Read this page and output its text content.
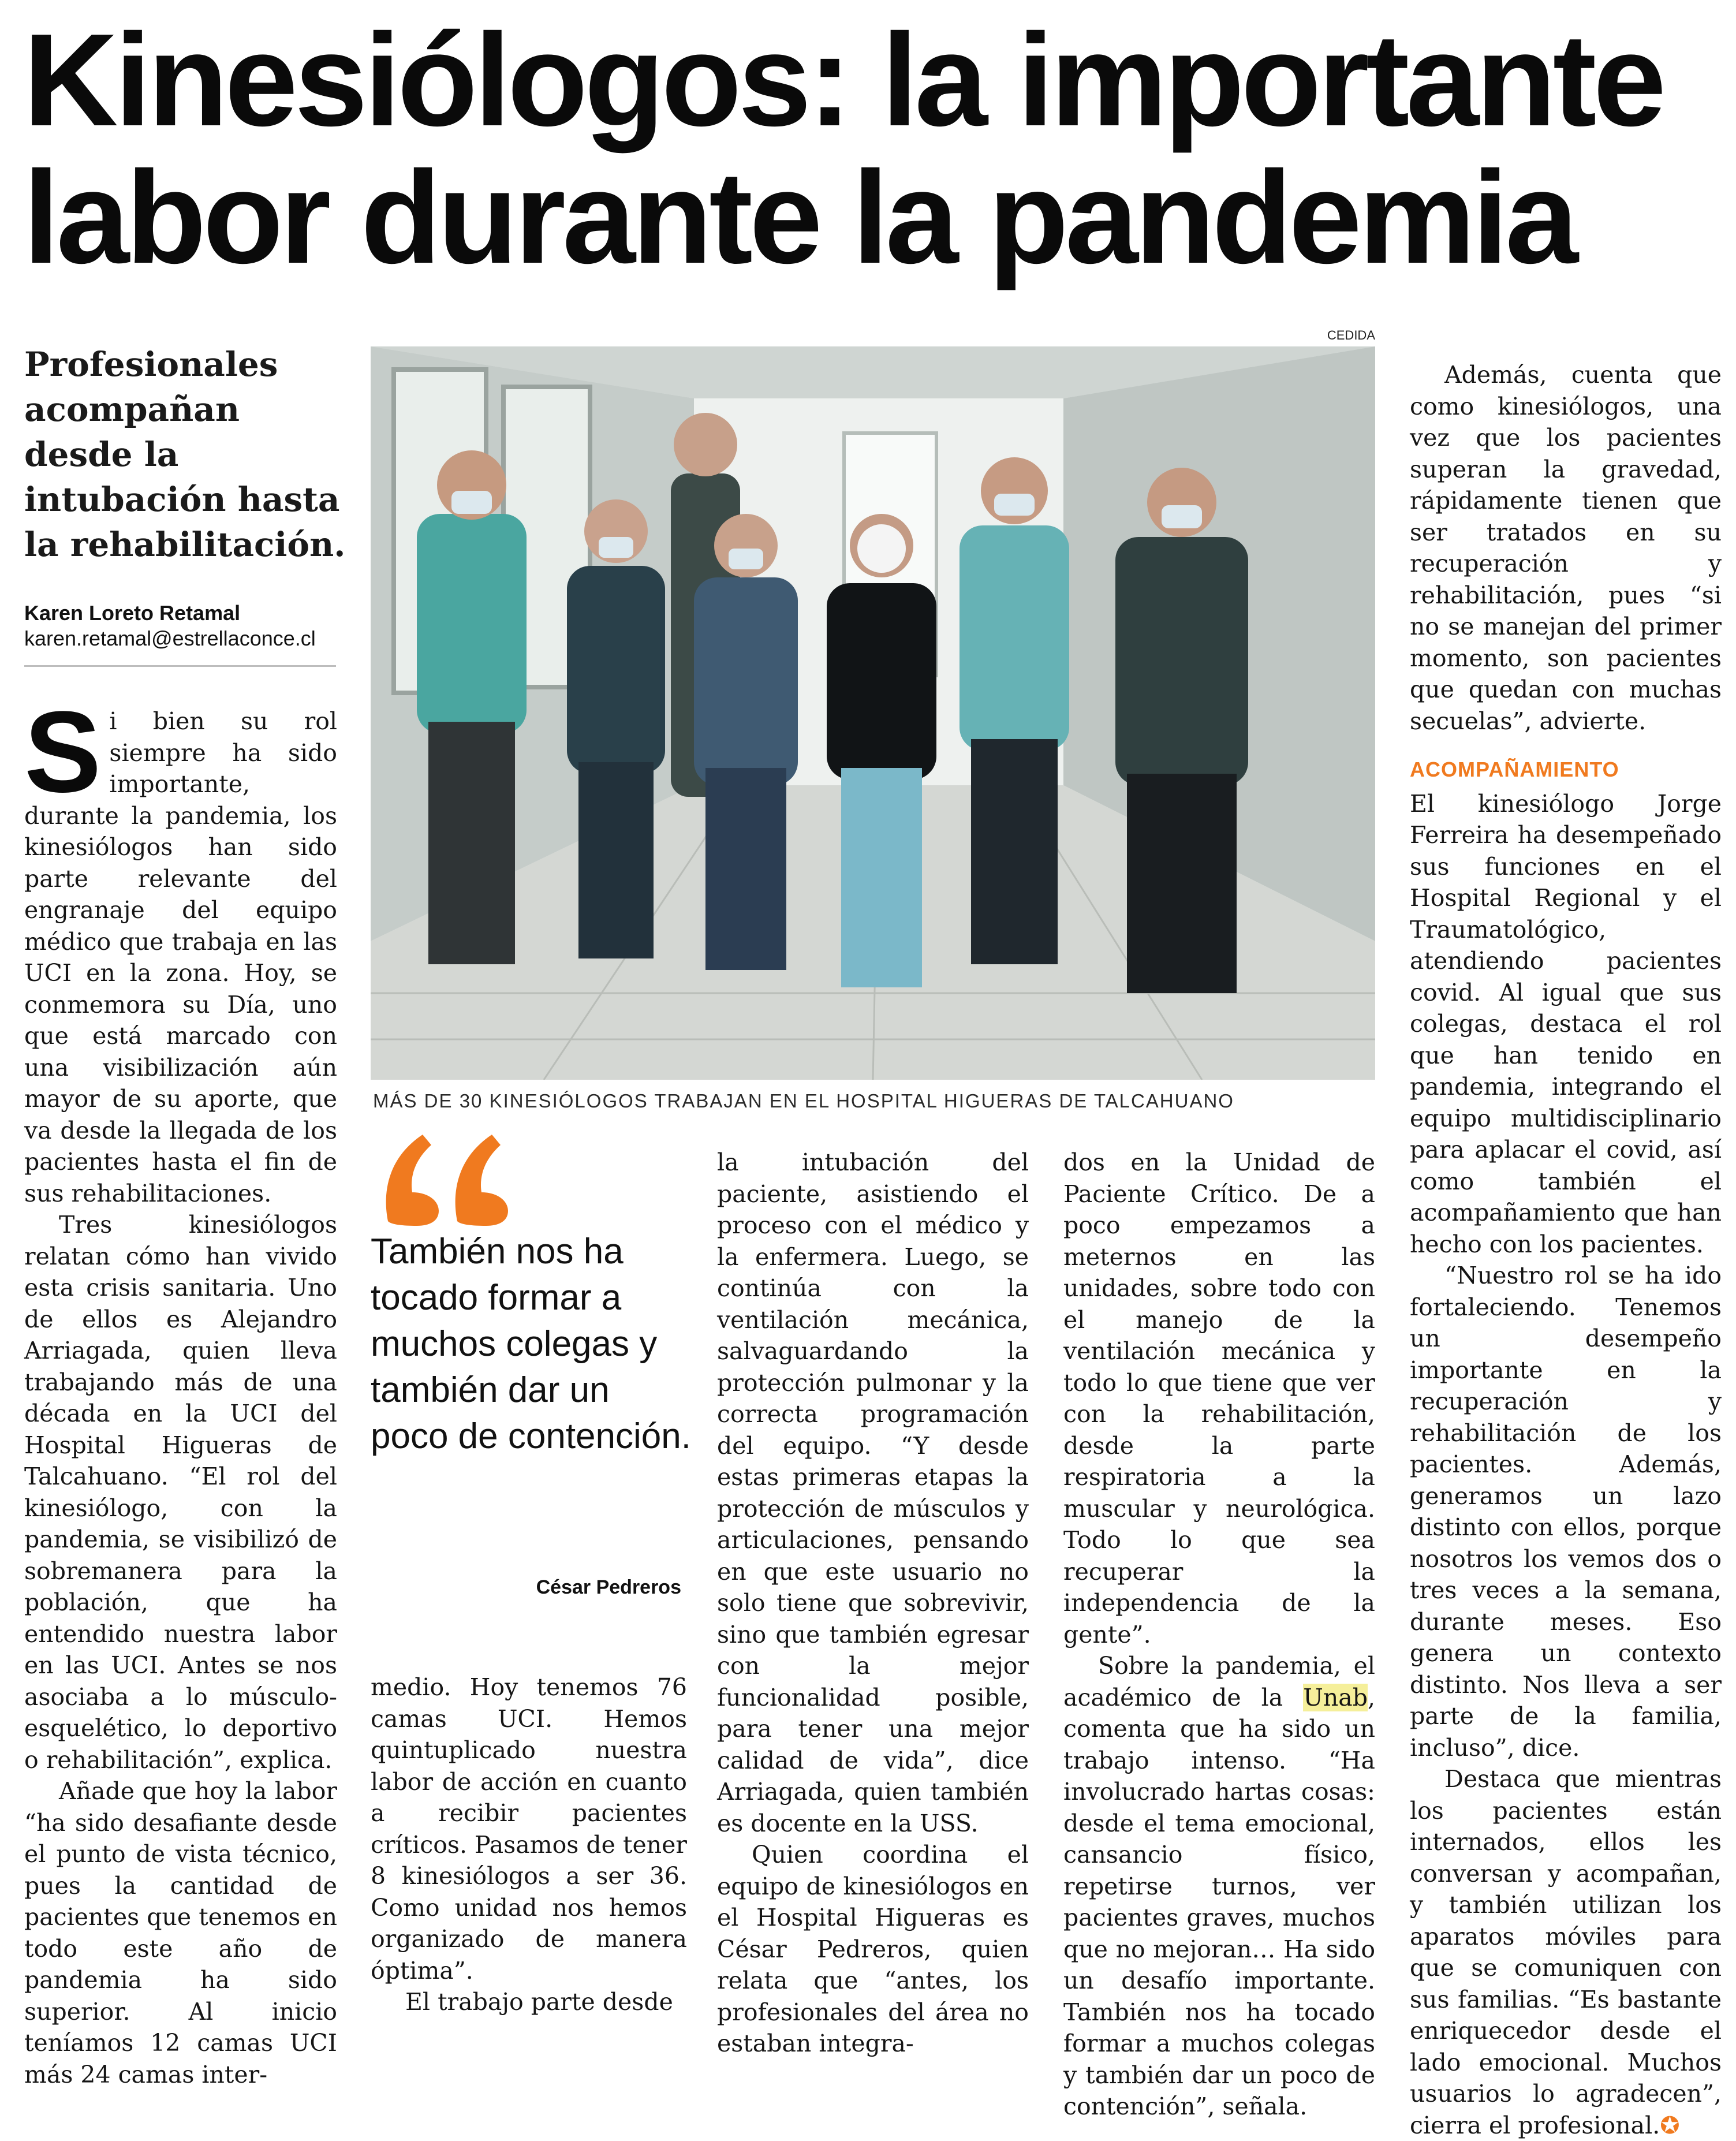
Kinesiólogos: la importante
labor durante la pandemia
Profesionales acompañan desde la intubación hasta la rehabilitación.
Karen Loreto Retamal
karen.retamal@estrellaconce.cl
CEDIDA
MÁS DE 30 KINESIÓLOGOS TRABAJAN EN EL HOSPITAL HIGUERAS DE TALCAHUANO
También nos ha tocado formar a muchos colegas y también dar un poco de contención.
César Pedreros

Si bien su rol siempre ha sido importante, durante la pandemia, los kinesiólogos han sido parte relevante del engranaje del equipo médico que trabaja en las UCI en la zona. Hoy, se conmemora su Día, uno que está marcado con una visibilización aún mayor de su aporte, que va desde la llegada de los pacientes hasta el fin de sus rehabilitaciones.

Tres kinesiólogos relatan cómo han vivido esta crisis sanitaria. Uno de ellos es Alejandro Arriagada, quien lleva trabajando más de una década en la UCI del Hospital Higueras de Talcahuano. “El rol del kinesiólogo, con la pandemia, se visibilizó de sobremanera para la población, que ha entendido nuestra labor en las UCI. Antes se nos asociaba a lo músculo-esquelético, lo deportivo o rehabilitación”, explica.

Añade que hoy la labor “ha sido desafiante desde el punto de vista técnico, pues la cantidad de pacientes que tenemos en todo este año de pandemia ha sido superior. Al inicio teníamos 12 camas UCI más 24 camas inter-

medio. Hoy tenemos 76 camas UCI. Hemos quintuplicado nuestra labor de acción en cuanto a recibir pacientes críticos. Pasamos de tener 8 kinesiólogos a ser 36. Como unidad nos hemos organizado de manera óptima”.

El trabajo parte desde

la intubación del paciente, asistiendo el proceso con el médico y la enfermera. Luego, se continúa con la ventilación mecánica, salvaguardando la protección pulmonar y la correcta programación del equipo. “Y desde estas primeras etapas la protección de músculos y articulaciones, pensando en que este usuario no solo tiene que sobrevivir, sino que también egresar con la mejor funcionalidad posible, para tener una mejor calidad de vida”, dice Arriagada, quien también es docente en la USS.

Quien coordina el equipo de kinesiólogos en el Hospital Higueras es César Pedreros, quien relata que “antes, los profesionales del área no estaban integra-

dos en la Unidad de Paciente Crítico. De a poco empezamos a meternos en las unidades, sobre todo con el manejo de la ventilación mecánica y todo lo que tiene que ver con la rehabilitación, desde la parte respiratoria a la muscular y neurológica. Todo lo que sea recuperar la independencia de la gente”.

Sobre la pandemia, el académico de la Unab, comenta que ha sido un trabajo intenso. “Ha involucrado hartas cosas: desde el tema emocional, cansancio físico, repetirse turnos, ver pacientes graves, muchos que no mejoran… Ha sido un desafío importante. También nos ha tocado formar a muchos colegas y también dar un poco de contención”, señala.

Además, cuenta que como kinesiólogos, una vez que los pacientes superan la gravedad, rápidamente tienen que ser tratados en su recuperación y rehabilitación, pues “si no se manejan del primer momento, son pacientes que quedan con muchas secuelas”, advierte.

ACOMPAÑAMIENTO

El kinesiólogo Jorge Ferreira ha desempeñado sus funciones en el Hospital Regional y el Traumatológico, atendiendo pacientes covid. Al igual que sus colegas, destaca el rol que han tenido en pandemia, integrando el equipo multidisciplinario para aplacar el covid, así como también el acompañamiento que han hecho con los pacientes.

“Nuestro rol se ha ido fortaleciendo. Tenemos un desempeño importante en la recuperación y rehabilitación de los pacientes. Además, generamos un lazo distinto con ellos, porque nosotros los vemos dos o tres veces a la semana, durante meses. Eso genera un contexto distinto. Nos lleva a ser parte de la familia, incluso”, dice.

Destaca que mientras los pacientes están internados, ellos les conversan y acompañan, y también utilizan los aparatos móviles para que se comuniquen con sus familias. “Es bastante enriquecedor desde el lado emocional. Muchos usuarios lo agradecen”, cierra el profesional.✪
